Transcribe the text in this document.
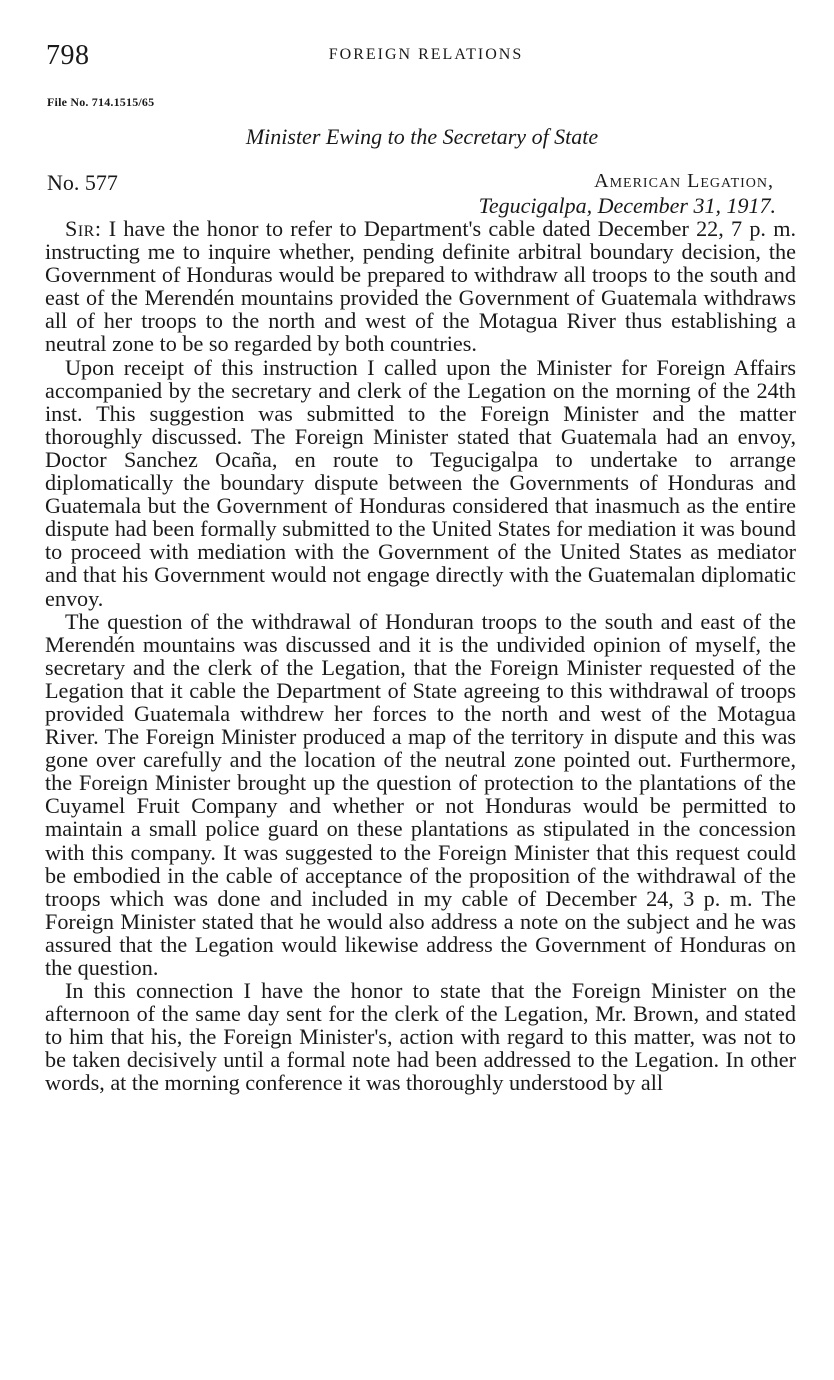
798	FOREIGN RELATIONS
File No. 714.1515/65
Minister Ewing to the Secretary of State
No. 577	American Legation,
Tegucigalpa, December 31, 1917.

Sir: I have the honor to refer to Department's cable dated December 22, 7 p. m. instructing me to inquire whether, pending definite arbitral boundary decision, the Government of Honduras would be prepared to withdraw all troops to the south and east of the Merendén mountains provided the Government of Guatemala withdraws all of her troops to the north and west of the Motagua River thus establishing a neutral zone to be so regarded by both countries.

Upon receipt of this instruction I called upon the Minister for Foreign Affairs accompanied by the secretary and clerk of the Legation on the morning of the 24th inst. This suggestion was submitted to the Foreign Minister and the matter thoroughly discussed. The Foreign Minister stated that Guatemala had an envoy, Doctor Sanchez Ocaña, en route to Tegucigalpa to undertake to arrange diplomatically the boundary dispute between the Governments of Honduras and Guatemala but the Government of Honduras considered that inasmuch as the entire dispute had been formally submitted to the United States for mediation it was bound to proceed with mediation with the Government of the United States as mediator and that his Government would not engage directly with the Guatemalan diplomatic envoy.

The question of the withdrawal of Honduran troops to the south and east of the Merendén mountains was discussed and it is the undivided opinion of myself, the secretary and the clerk of the Legation, that the Foreign Minister requested of the Legation that it cable the Department of State agreeing to this withdrawal of troops provided Guatemala withdrew her forces to the north and west of the Motagua River. The Foreign Minister produced a map of the territory in dispute and this was gone over carefully and the location of the neutral zone pointed out. Furthermore, the Foreign Minister brought up the question of protection to the plantations of the Cuyamel Fruit Company and whether or not Honduras would be permitted to maintain a small police guard on these plantations as stipulated in the concession with this company. It was suggested to the Foreign Minister that this request could be embodied in the cable of acceptance of the proposition of the withdrawal of the troops which was done and included in my cable of December 24, 3 p. m. The Foreign Minister stated that he would also address a note on the subject and he was assured that the Legation would likewise address the Government of Honduras on the question.

In this connection I have the honor to state that the Foreign Minister on the afternoon of the same day sent for the clerk of the Legation, Mr. Brown, and stated to him that his, the Foreign Minister's, action with regard to this matter, was not to be taken decisively until a formal note had been addressed to the Legation. In other words, at the morning conference it was thoroughly understood by all
